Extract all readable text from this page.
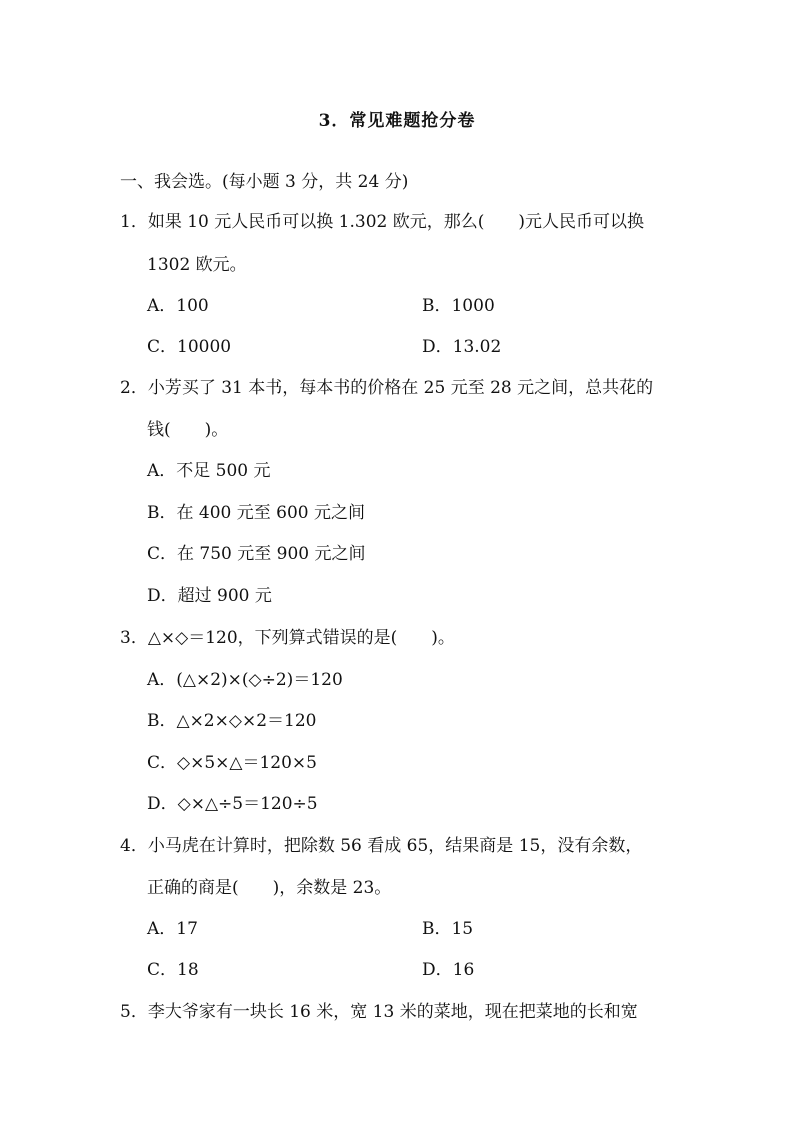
3．常见难题抢分卷
一、我会选。(每小题 3 分，共 24 分)
1．如果 10 元人民币可以换 1.302 欧元，那么(　　)元人民币可以换
1302 欧元。
A．100	B．1000
C．10000	D．13.02
2．小芳买了 31 本书，每本书的价格在 25 元至 28 元之间，总共花的
钱(　　)。
A．不足 500 元
B．在 400 元至 600 元之间
C．在 750 元至 900 元之间
D．超过 900 元
3．△×◇＝120，下列算式错误的是(　　)。
A．(△×2)×(◇÷2)＝120
B．△×2×◇×2＝120
C．◇×5×△＝120×5
D．◇×△÷5＝120÷5
4．小马虎在计算时，把除数 56 看成 65，结果商是 15，没有余数，
正确的商是(　　)，余数是 23。
A．17	B．15
C．18	D．16
5．李大爷家有一块长 16 米，宽 13 米的菜地，现在把菜地的长和宽
